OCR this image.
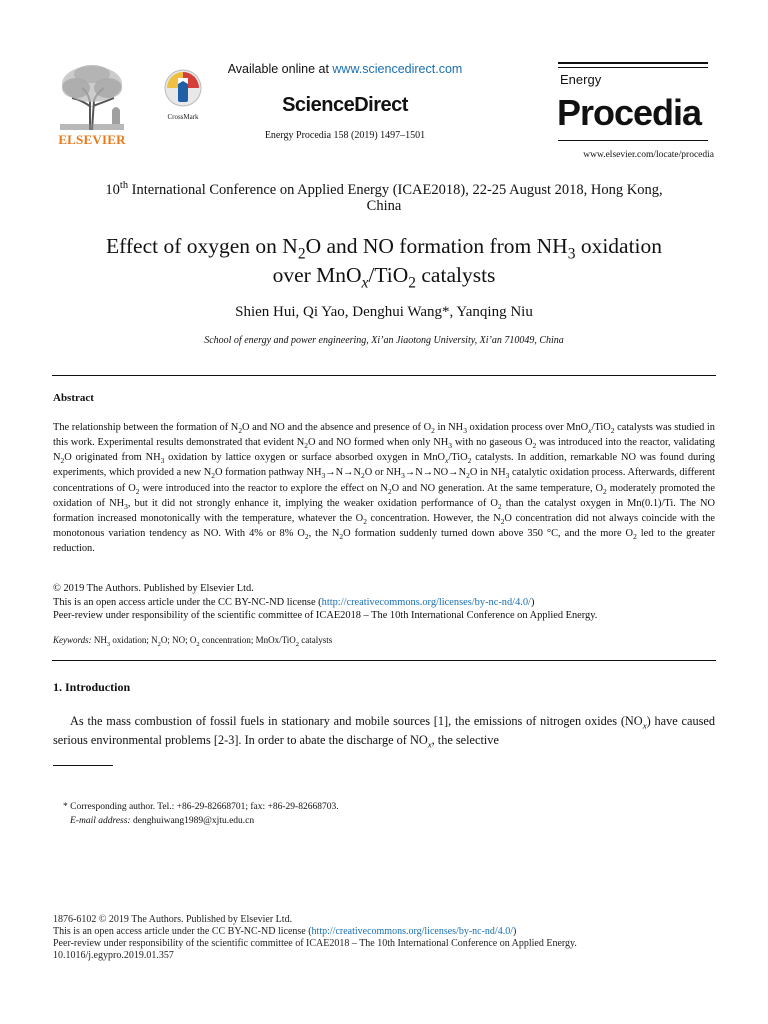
ELSEVIER
CrossMark
Available online at www.sciencedirect.com
ScienceDirect
Energy Procedia 158 (2019) 1497–1501
Energy
Procedia
www.elsevier.com/locate/procedia
10th International Conference on Applied Energy (ICAE2018), 22-25 August 2018, Hong Kong,
China
Effect of oxygen on $N_2O$ and NO formation from $NH_3$ oxidation
over MnO$_x$/TiO$_2$ catalysts
Shien Hui, Qi Yao, Denghui Wang*, Yanqing Niu
School of energy and power engineering, Xi’an Jiaotong University, Xi’an 710049, China
Abstract
The relationship between the formation of $N_2O$ and NO and the absence and presence of $O_2$ in $NH_3$ oxidation process over MnO$_x$/TiO$_2$ catalysts was studied in this work. Experimental results demonstrated that evident $N_2O$ and NO formed when only $NH_3$ with no gaseous $O_2$ was introduced into the reactor, validating $N_2O$ originated from $NH_3$ oxidation by lattice oxygen or surface absorbed oxygen in MnO$_x$/TiO$_2$ catalysts. In addition, remarkable NO was found during experiments, which provided a new $N_2O$ formation pathway $NH_3\to N\to N_2O$ or $NH_3\to N\to NO\to N_2O$ in $NH_3$ catalytic oxidation process. Afterwards, different concentrations of $O_2$ were introduced into the reactor to explore the effect on $N_2O$ and NO generation. At the same temperature, $O_2$ moderately promoted the oxidation of $NH_3$, but it did not strongly enhance it, implying the weaker oxidation performance of $O_2$ than the catalyst oxygen in Mn(0.1)/Ti. The NO formation increased monotonically with the temperature, whatever the $O_2$ concentration. However, the $N_2O$ concentration did not always coincide with the monotonous variation tendency as NO. With 4% or 8% $O_2$, the $N_2O$ formation suddenly turned down above 350 °C, and the more $O_2$ led to the greater reduction.
© 2019 The Authors. Published by Elsevier Ltd.
This is an open access article under the CC BY-NC-ND license (http://creativecommons.org/licenses/by-nc-nd/4.0/)
Peer-review under responsibility of the scientific committee of ICAE2018 – The 10th International Conference on Applied Energy.
Keywords: $NH_3$ oxidation; $N_2O$; NO; $O_2$ concentration; MnOx/TiO$_2$ catalysts
1. Introduction
As the mass combustion of fossil fuels in stationary and mobile sources [1], the emissions of nitrogen oxides $(NO_x)$ have caused serious environmental problems [2-3]. In order to abate the discharge of $NO_x$, the selective
* Corresponding author. Tel.: +86-29-82668701; fax: +86-29-82668703.
E-mail address: denghuiwang1989@xjtu.edu.cn
1876-6102 © 2019 The Authors. Published by Elsevier Ltd.
This is an open access article under the CC BY-NC-ND license (http://creativecommons.org/licenses/by-nc-nd/4.0/)
Peer-review under responsibility of the scientific committee of ICAE2018 – The 10th International Conference on Applied Energy.
10.1016/j.egypro.2019.01.357
